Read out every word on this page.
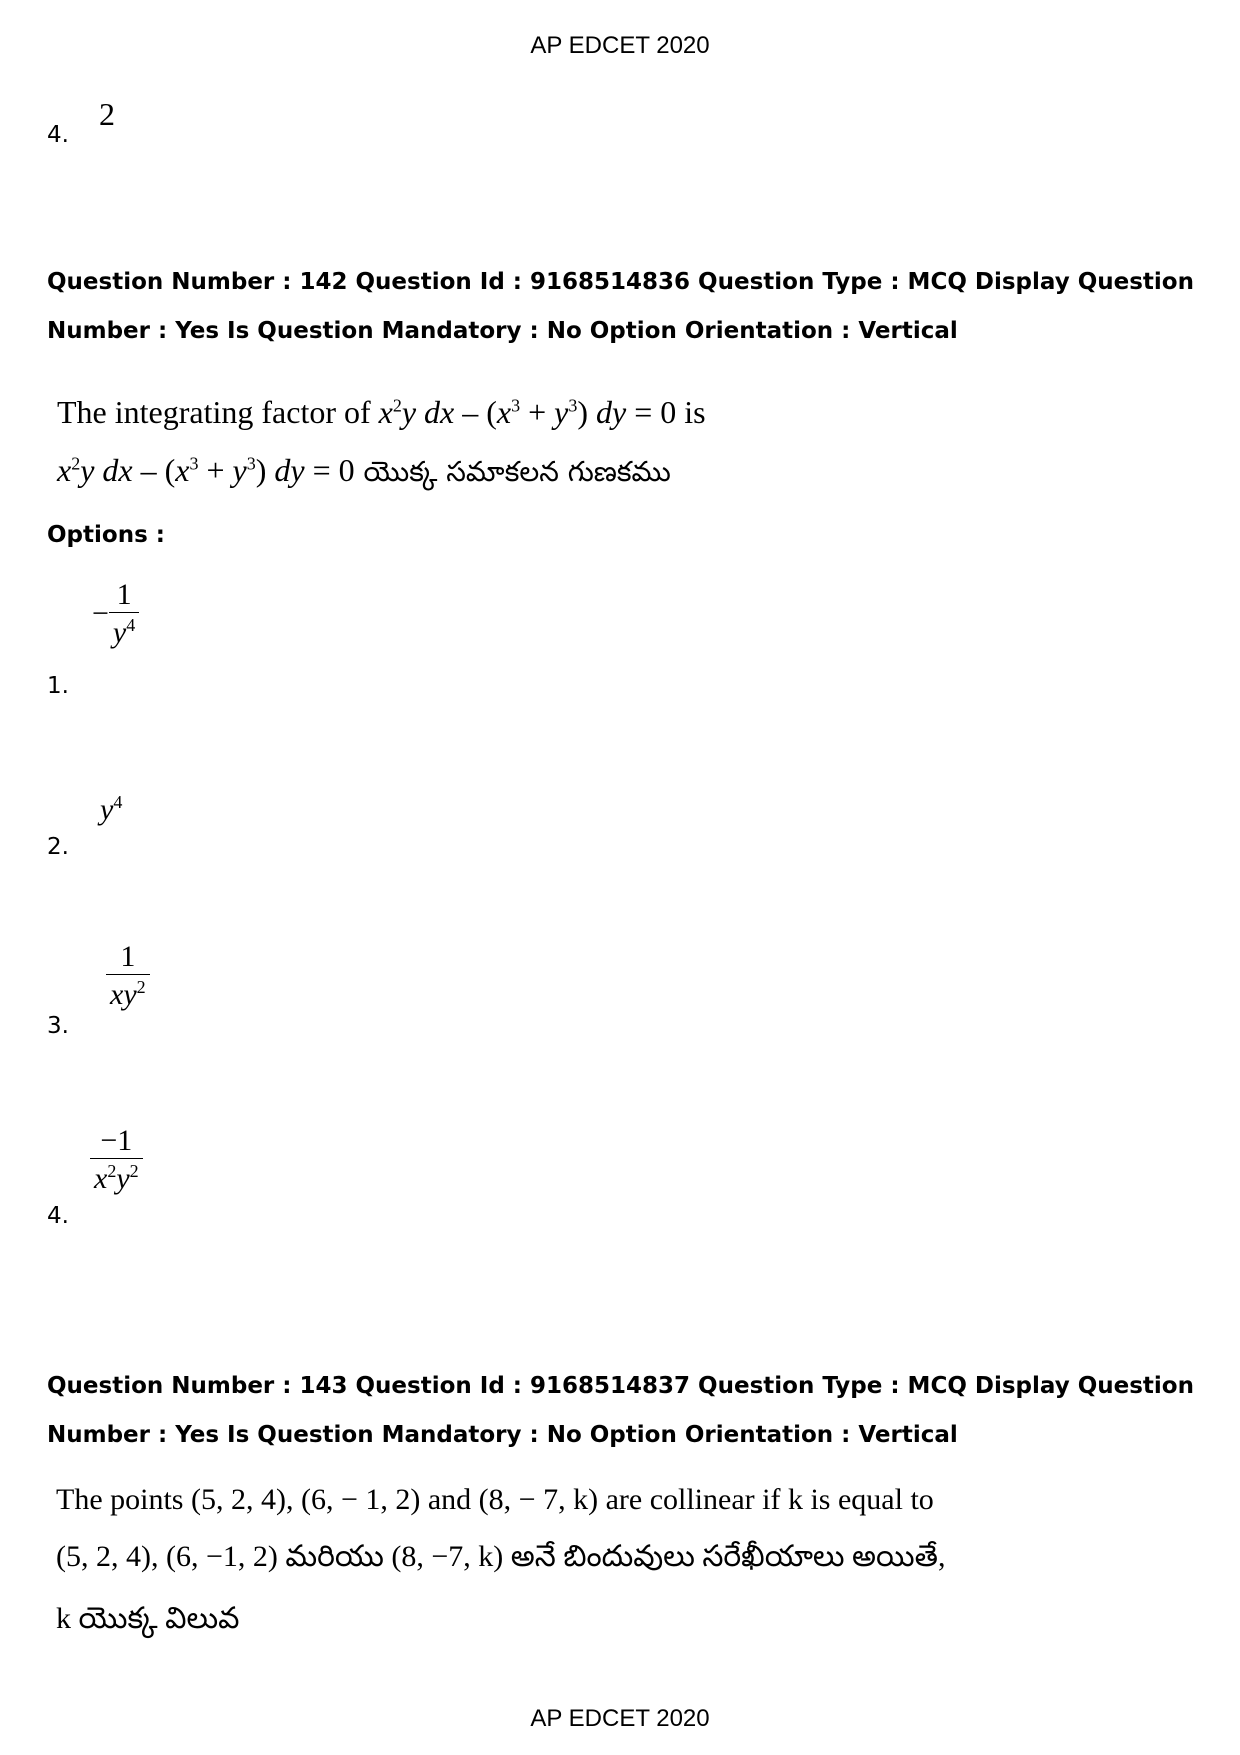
AP EDCET 2020
4.
2
Question Number : 142 Question Id : 9168514836 Question Type : MCQ Display Question
Number : Yes Is Question Mandatory : No Option Orientation : Vertical
The integrating factor of $x^2y$ dx – $(x^3 + y^3)$ dy = 0 is
$x^2y$ dx – $(x^3 + y^3)$ dy = 0 యొక్క సమాకలన గుణకము
Options :
− $\frac{1}{y^4}$
1.
$y^4$
2.
$\frac{1}{xy^2}$
3.
$\frac{-1}{x^2y^2}$
4.
Question Number : 143 Question Id : 9168514837 Question Type : MCQ Display Question
Number : Yes Is Question Mandatory : No Option Orientation : Vertical
The points (5, 2, 4), (6, − 1, 2) and (8, − 7, k) are collinear if k is equal to
(5, 2, 4), (6, −1, 2) మరియు (8, −7, k) అనే బిందువులు సరేఖీయాలు అయితే,
k యొక్క విలువ
AP EDCET 2020
